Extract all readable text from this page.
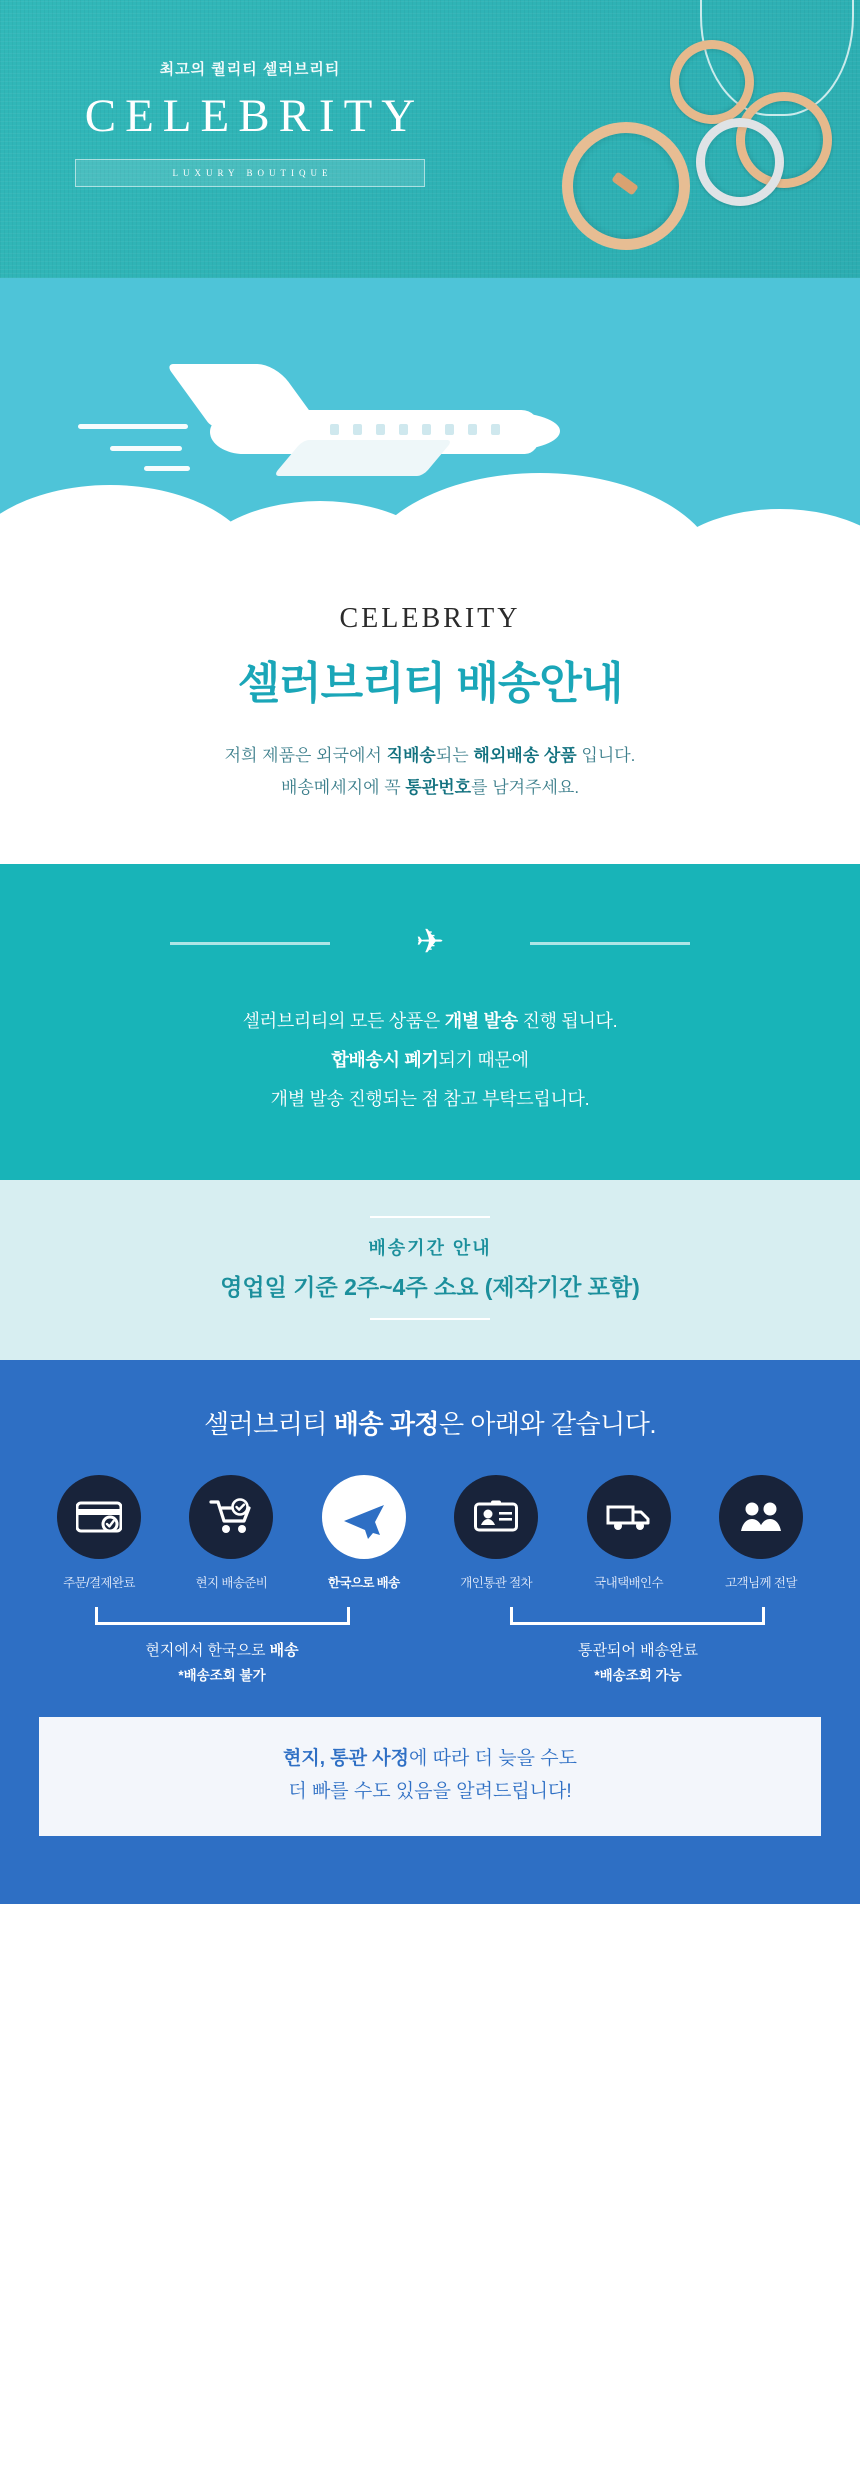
최고의 퀄리티 셀러브리티
CELEBRITY
LUXURY BOUTIQUE
CELEBRITY
셀러브리티 배송안내

저희 제품은 외국에서 직배송되는 해외배송 상품 입니다.
배송메세지에 꼭 통관번호를 남겨주세요.

✈
셀러브리티의 모든 상품은 개별 발송 진행 됩니다.
합배송시 폐기되기 때문에
개별 발송 진행되는 점 참고 부탁드립니다.
배송기간 안내
영업일 기준 2주~4주 소요 (제작기간 포함)
셀러브리티 배송 과정은 아래와 같습니다.
주문/결제완료	현지 배송준비	한국으로 배송	개인통관 절차	국내택배인수	고객님께 전달
현지에서 한국으로 배송
*배송조회 불가
통관되어 배송완료
*배송조회 가능
현지, 통관 사정에 따라 더 늦을 수도
더 빠를 수도 있음을 알려드립니다!
